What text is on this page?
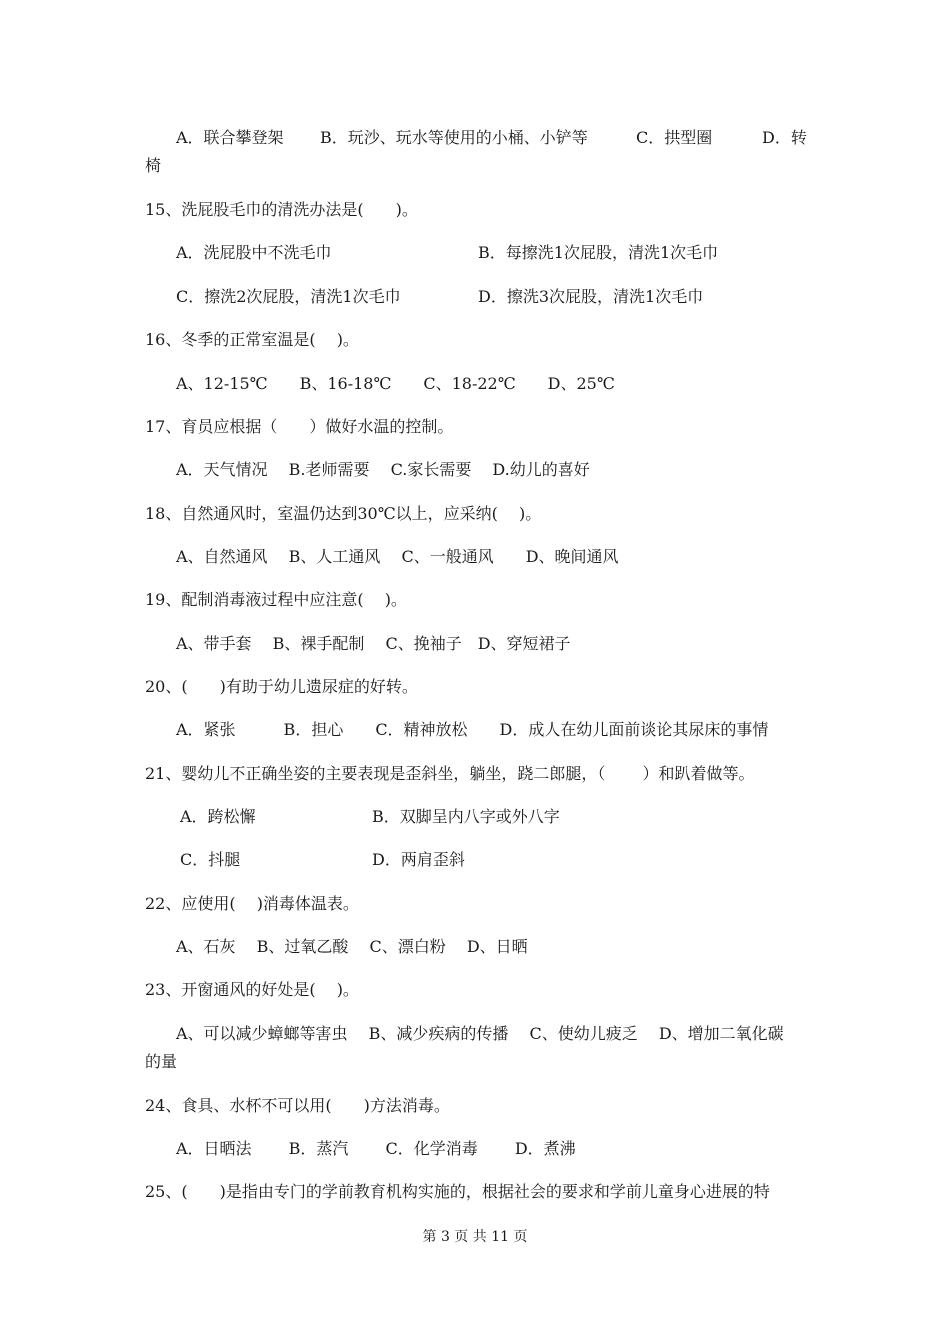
A．联合攀登架 B．玩沙、玩水等使用的小桶、小铲等	C．拱型圈	D．转
椅
15、洗屁股毛巾的清洗办法是(　　)。
A．洗屁股中不洗毛巾	B．每擦洗1次屁股，清洗1次毛巾
C．擦洗2次屁股，清洗1次毛巾	D．擦洗3次屁股，清洗1次毛巾
16、冬季的正常室温是(　 )。
A、12-15℃　　B、16-18℃　　C、18-22℃　　D、25℃
17、育员应根据（　　）做好水温的控制。
A．天气情况　 B.老师需要　 C.家长需要　 D.幼儿的喜好
18、自然通风时，室温仍达到30℃以上，应采纳(　 )。
A、自然通风　 B、人工通风　 C、一般通风　　D、晚间通风
19、配制消毒液过程中应注意(　 )。
A、带手套　 B、裸手配制　 C、挽袖子　D、穿短裙子
20、(　　)有助于幼儿遗尿症的好转。
A．紧张　　　B．担心　　C．精神放松　　D．成人在幼儿面前谈论其尿床的事情
21、婴幼儿不正确坐姿的主要表现是歪斜坐，躺坐，跷二郎腿，（　　 ）和趴着做等。
A．跨松懈	B．双脚呈内八字或外八字
C．抖腿	D．两肩歪斜
22、应使用(　 )消毒体温表。
A、石灰　 B、过氧乙酸　 C、漂白粉　 D、日晒
23、开窗通风的好处是(　 )。
A、可以减少蟑螂等害虫　 B、减少疾病的传播　 C、使幼儿疲乏　 D、增加二氧化碳
的量
24、食具、水杯不可以用(　　)方法消毒。
A．日晒法　　 B．蒸汽　　 C．化学消毒　　 D．煮沸
25、(　　)是指由专门的学前教育机构实施的，根据社会的要求和学前儿童身心进展的特
第 3 页 共 11 页
